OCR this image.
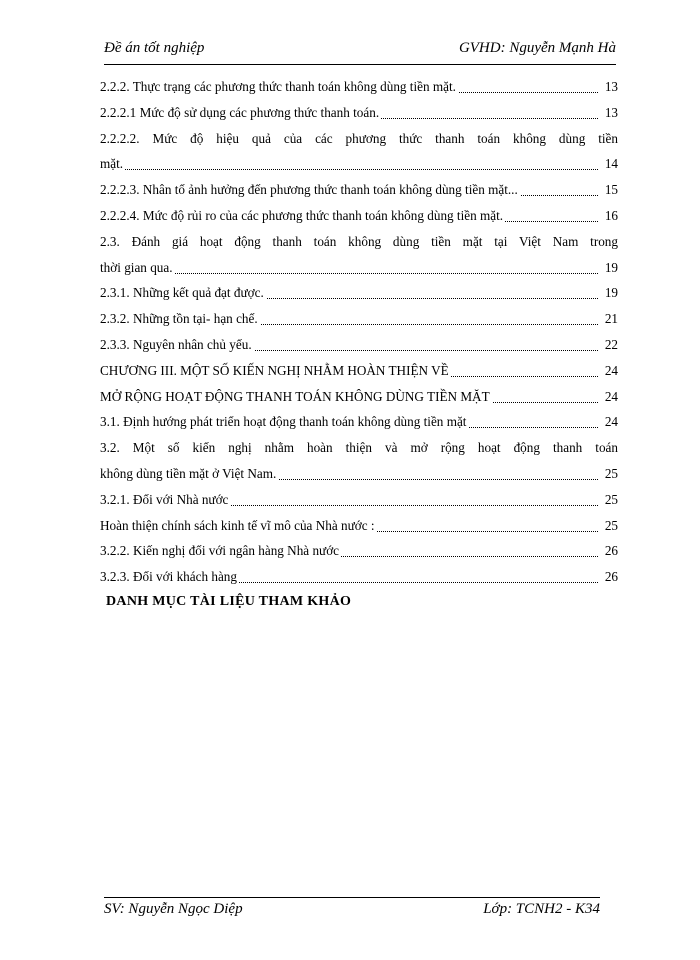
Đề án tốt nghiệp	GVHD: Nguyễn Mạnh Hà
2.2.2. Thực trạng các phương thức thanh toán không dùng tiền mặt.	13
2.2.2.1 Mức độ sử dụng các phương thức thanh toán.	13
2.2.2.2. Mức độ hiệu quả của các phương thức thanh toán không dùng tiền
mặt.	14
2.2.2.3. Nhân tố ảnh hưởng đến phương thức thanh toán không dùng tiền mặt...	15
2.2.2.4. Mức độ rủi ro của các phương thức thanh toán không dùng tiền mặt.	16
2.3. Đánh giá hoạt động thanh toán không dùng tiền mặt tại Việt Nam trong
thời gian qua.	19
2.3.1. Những kết quả đạt được.	19
2.3.2. Những tồn tại- hạn chế.	21
2.3.3. Nguyên nhân chủ yếu.	22
CHƯƠNG III. MỘT SỐ KIẾN NGHỊ NHẰM HOÀN THIỆN VỀ	24
MỞ RỘNG HOẠT ĐỘNG THANH TOÁN KHÔNG DÙNG TIỀN MẶT	24
3.1. Định hướng phát triển hoạt động thanh toán không dùng tiền mặt	24
3.2. Một số kiến nghị nhằm hoàn thiện và mở rộng hoạt động thanh toán
không dùng tiền mặt ở Việt Nam.	25
3.2.1. Đối với Nhà nước	25
Hoàn thiện chính sách kinh tế vĩ mô của Nhà nước :	25
3.2.2. Kiến nghị đối với ngân hàng Nhà nước	26
3.2.3. Đối với khách hàng	26
DANH MỤC TÀI LIỆU THAM KHẢO
SV: Nguyễn Ngọc Diệp	Lớp: TCNH2 - K34
